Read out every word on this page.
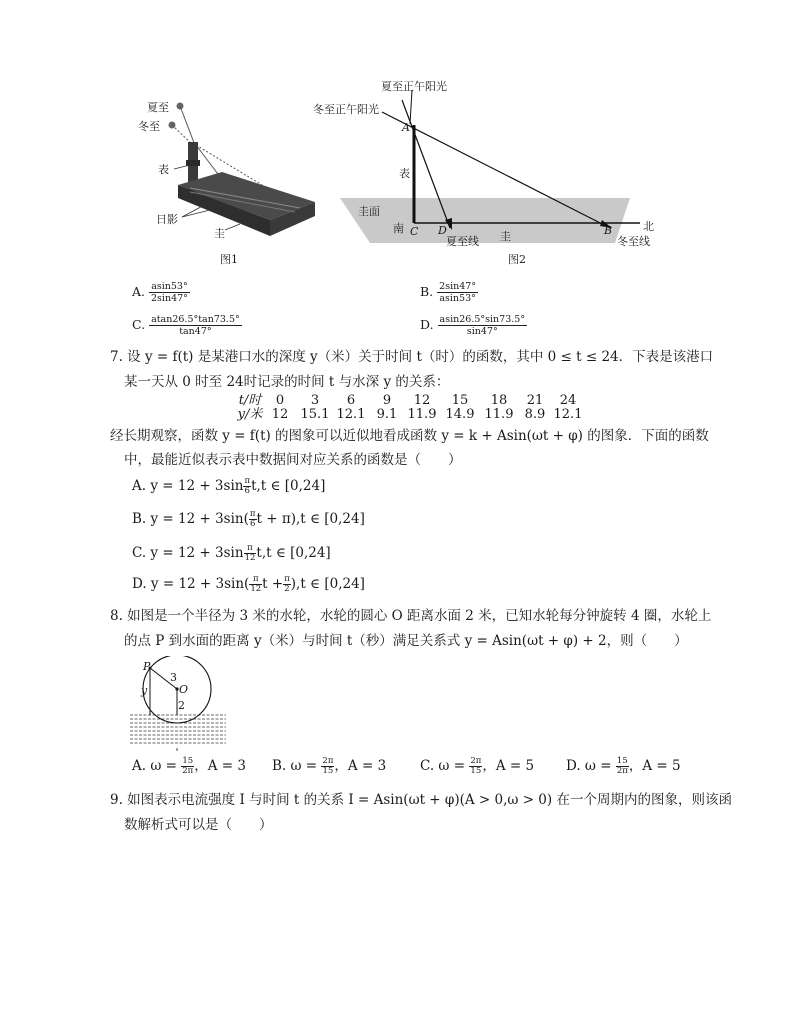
夏至
冬至
表
日影
圭
图1
夏至正午阳光
冬至正午阳光
A
表
圭面
南 C D
夏至线 圭	B
冬至线
北
图2
A. $\frac{asin53^\circ}{2\sin 47^\circ}$	B. $\frac{2\sin 47^\circ}{asin53^\circ}$
C. $\frac{atan26.5^\circ\tan 73.5^\circ}{\tan 47^\circ}$	D. $\frac{asin26.5^\circ\sin 73.5^\circ}{\sin 47^\circ}$
7. 设 y = f(t) 是某港口水的深度 y（米）关于时间 t（时）的函数，其中 0 ≤ t ≤ 24．下表是该港口
某一天从 0 时至 24时记录的时间 t 与水深 y 的关系：
t/时	0	3	6	9	12	15	18	21	24
y/米 12 15.1 12.1 9.1 11.9 14.9 11.9 8.9 12.1
经长期观察，函数 y = f(t) 的图象可以近似地看成函数 y = k + Asin(ωt + φ) 的图象．下面的函数
中，最能近似表示表中数据间对应关系的函数是（　　）
A. $y = 12 + 3\sin \frac{\pi}{6} t,t$ ∈ [0,24]
B. $y = 12 + 3\sin( \frac{\pi}{6}$ t + π),t ∈ [0,24]
C. $y = 12 + 3\sin \frac{\pi}{12} t,t$ ∈ [0,24]
D. $y = 12 + 3\sin( \frac{\pi}{12}$ $t + \frac{\pi}{2} ),t$ ∈ [0,24]
8. 如图是一个半径为 3 米的水轮，水轮的圆心 O 距离水面 2 米，已知水轮每分钟旋转 4 圈，水轮上
的点 P 到水面的距离 y（米）与时间 t（秒）满足关系式 y = Asin(ωt + φ) + 2，则（　　）
P
3
O
2
y
A. $\omega = \frac{15}{2\pi}$ ，A = 3 B. $\omega = \frac{2\pi}{15}$ ，A = 3	C. $\omega = \frac{2\pi}{15}$ ，A = 5 D. $\omega = \frac{15}{2\pi}$ ，A = 5
9. 如图表示电流强度 I 与时间 t 的关系 I = Asin(ωt + φ)(A > 0,ω > 0) 在一个周期内的图象，则该函
数解析式可以是（　　）
